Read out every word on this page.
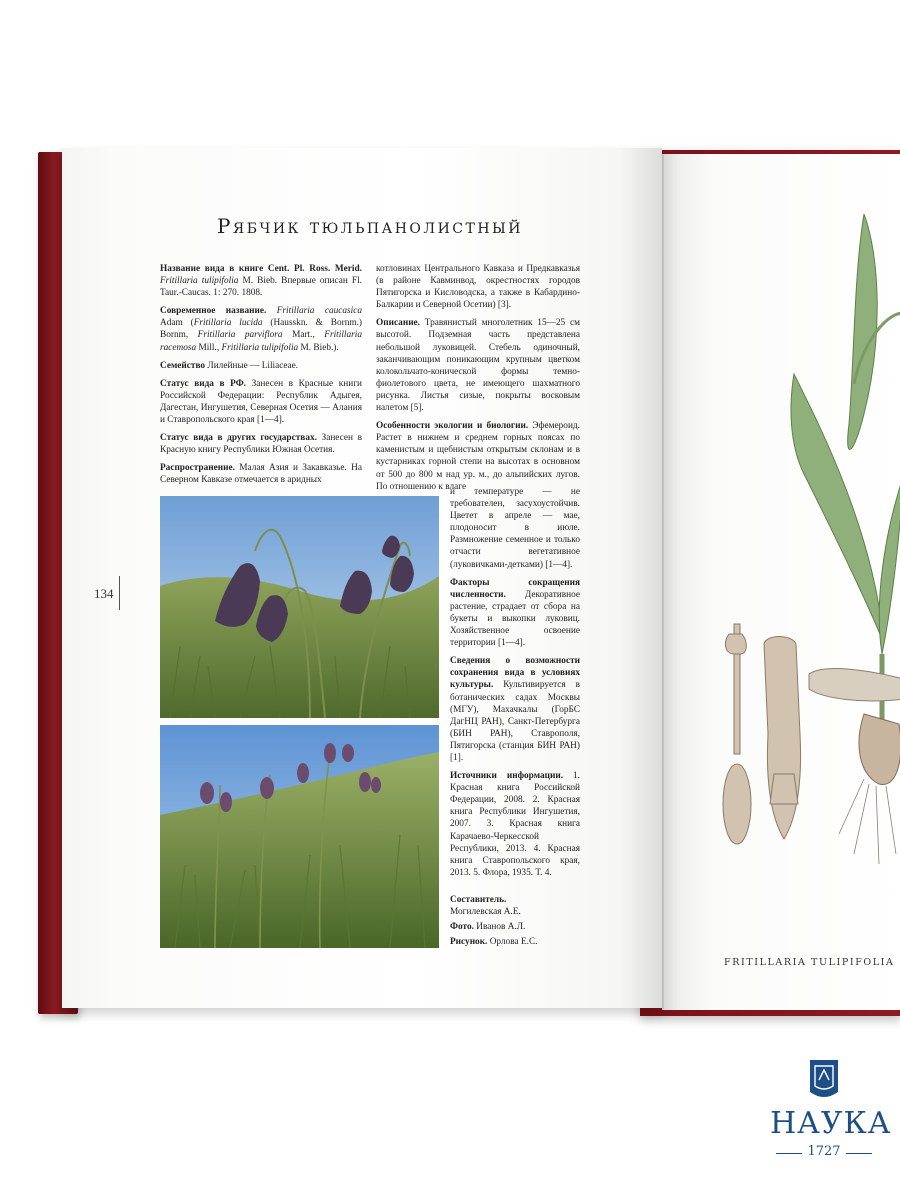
Рябчик тюльпанолистный
134

Название вида в книге Cent. Pl. Ross. Merid. Fritillaria tulipifolia M. Bieb. Впервые описан Fl. Taur.-Caucas. 1: 270. 1808.

Современное название. Fritillaria caucasica Adam (Fritillaria lucida (Hausskn. & Bornm.) Bornm, Fritillaria parviflora Mart., Fritillaria racemosa Mill., Fritillaria tulipifolia M. Bieb.).

Семейство Лилейные — Liliaceae.

Статус вида в РФ. Занесен в Красные книги Российской Федерации: Республик Адыгея, Дагестан, Ингушетия, Северная Осетия — Алания и Ставропольского края [1—4].

Статус вида в других государствах. Занесен в Красную книгу Республики Южная Осетия.

Распространение. Малая Азия и Закавказье. На Северном Кавказе отмечается в аридных

котловинах Центрального Кавказа и Предкавказья (в районе Кавминвод, окрестностях городов Пятигорска и Кисловодска, а также в Кабардино-Балкарии и Северной Осетии) [3].

Описание. Травянистый многолетник 15—25 см высотой. Подземная часть представлена небольшой луковицей. Стебель одиночный, заканчивающим поникающим крупным цветком колокольчато-конической формы темно-фиолетового цвета, не имеющего шахматного рисунка. Листья сизые, покрыты восковым налетом [5].

Особенности экологии и биологии. Эфемероид. Растет в нижнем и среднем горных поясах по каменистым и щебнистым открытым склонам и в кустарниках горной степи на высотах в основном от 500 до 800 м над ур. м., до альпийских лугов. По отношению к влаге

и температуре — не требователен, засухоустойчив. Цветет в апреле — мае, плодоносит в июле. Размножение семенное и только отчасти вегетативное (луковичками-детками) [1—4].

Факторы сокращения численности. Декоративное растение, страдает от сбора на букеты и выкопки луковиц. Хозяйственное освоение территории [1—4].

Сведения о возможности сохранения вида в условиях культуры. Культивируется в ботанических садах Москвы (МГУ), Махачкалы (ГорБС ДагНЦ РАН), Санкт-Петербурга (БИН РАН), Ставрополя, Пятигорска (станция БИН РАН) [1].

Источники информации. 1. Красная книга Российской Федерации, 2008. 2. Красная книга Республики Ингушетия, 2007. 3. Красная книга Карачаево-Черкесской Республики, 2013. 4. Красная книга Ставропольского края, 2013. 5. Флора, 1935. Т. 4.

Составитель.
Могилевская А.Е.

Фото. Иванов А.Л.

Рисунок. Орлова Е.С.

FRITILLARIA TULIPIFOLIA
НАУКА
1727
